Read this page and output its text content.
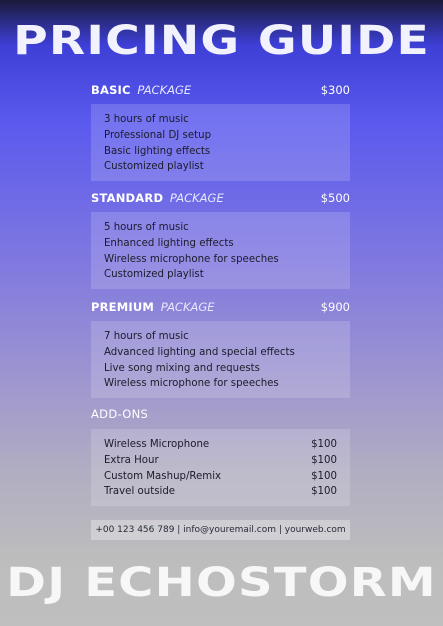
PRICING GUIDE
BASIC PACKAGE	$300
3 hours of music
Professional DJ setup
Basic lighting effects
Customized playlist
STANDARD PACKAGE	$500
5 hours of music
Enhanced lighting effects
Wireless microphone for speeches
Customized playlist
PREMIUM PACKAGE	$900
7 hours of music
Advanced lighting and special effects
Live song mixing and requests
Wireless microphone for speeches
ADD-ONS
Wireless Microphone	$100
Extra Hour	$100
Custom Mashup/Remix	$100
Travel outside	$100
+00 123 456 789 | info@youremail.com | yourweb.com
DJ ECHOSTORM
